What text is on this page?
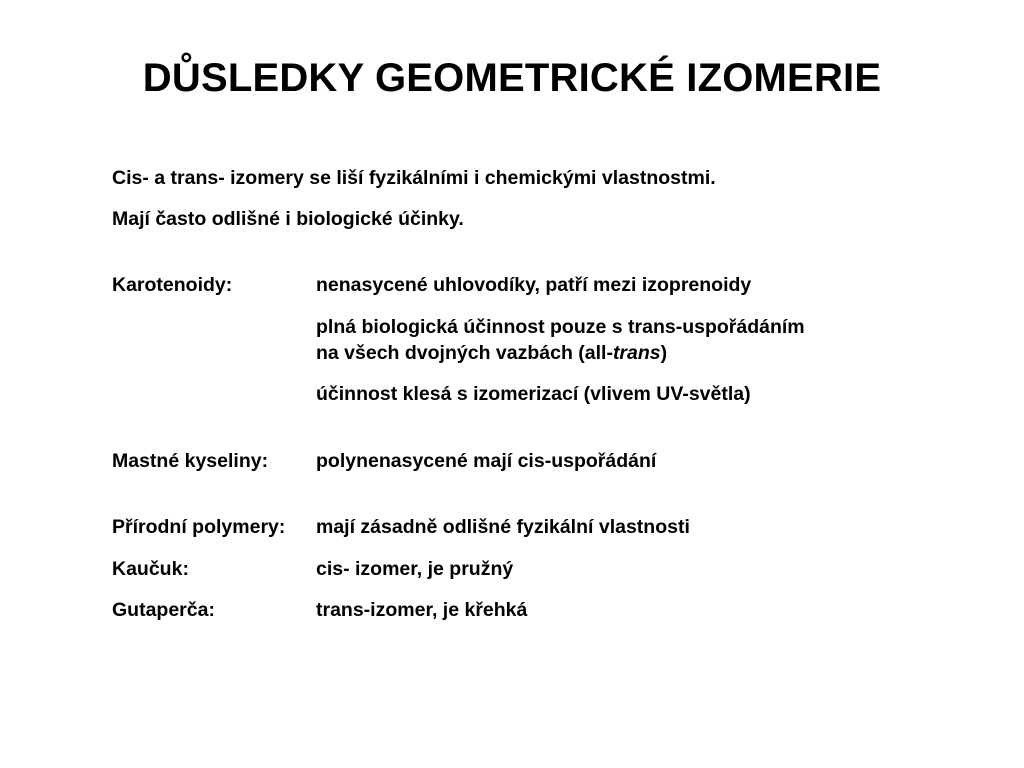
DŮSLEDKY GEOMETRICKÉ IZOMERIE
Cis- a trans- izomery se liší fyzikálními i chemickými vlastnostmi.
Mají často odlišné i biologické účinky.
Karotenoidy:	nenasycené uhlovodíky, patří mezi izoprenoidy
plná biologická účinnost pouze s trans-uspořádáním
na všech dvojných vazbách (all-trans)
účinnost klesá s izomerizací (vlivem UV-světla)
Mastné kyseliny: polynenasycené mají cis-uspořádání
Přírodní polymery: mají zásadně odlišné fyzikální vlastnosti
Kaučuk:	cis- izomer, je pružný
Gutaperča:	trans-izomer, je křehká
